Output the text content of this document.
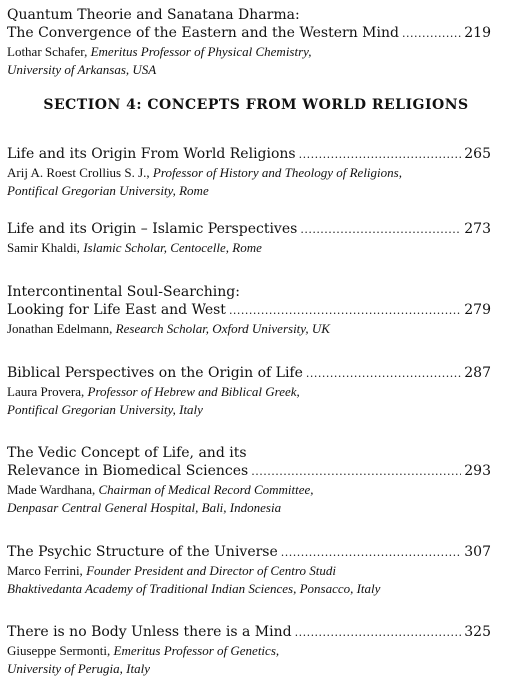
Quantum Theorie and Sanatana Dharma:
The Convergence of the Eastern and the Western Mind .....	219
Lothar Schafer, Emeritus Professor of Physical Chemistry,
University of Arkansas, USA
SECTION 4: CONCEPTS FROM WORLD RELIGIONS
Life and its Origin From World Religions .....	265
Arij A. Roest Crollius S. J., Professor of History and Theology of Religions,
Pontifical Gregorian University, Rome
Life and its Origin – Islamic Perspectives .....	273
Samir Khaldi, Islamic Scholar, Centocelle, Rome
Intercontinental Soul-Searching:
Looking for Life East and West .....	279
Jonathan Edelmann, Research Scholar, Oxford University, UK
Biblical Perspectives on the Origin of Life .....	287
Laura Provera, Professor of Hebrew and Biblical Greek,
Pontifical Gregorian University, Italy
The Vedic Concept of Life, and its
Relevance in Biomedical Sciences .....	293
Made Wardhana, Chairman of Medical Record Committee,
Denpasar Central General Hospital, Bali, Indonesia
The Psychic Structure of the Universe .....	307
Marco Ferrini, Founder President and Director of Centro Studi
Bhaktivedanta Academy of Traditional Indian Sciences, Ponsacco, Italy
There is no Body Unless there is a Mind .....	325
Giuseppe Sermonti, Emeritus Professor of Genetics,
University of Perugia, Italy
